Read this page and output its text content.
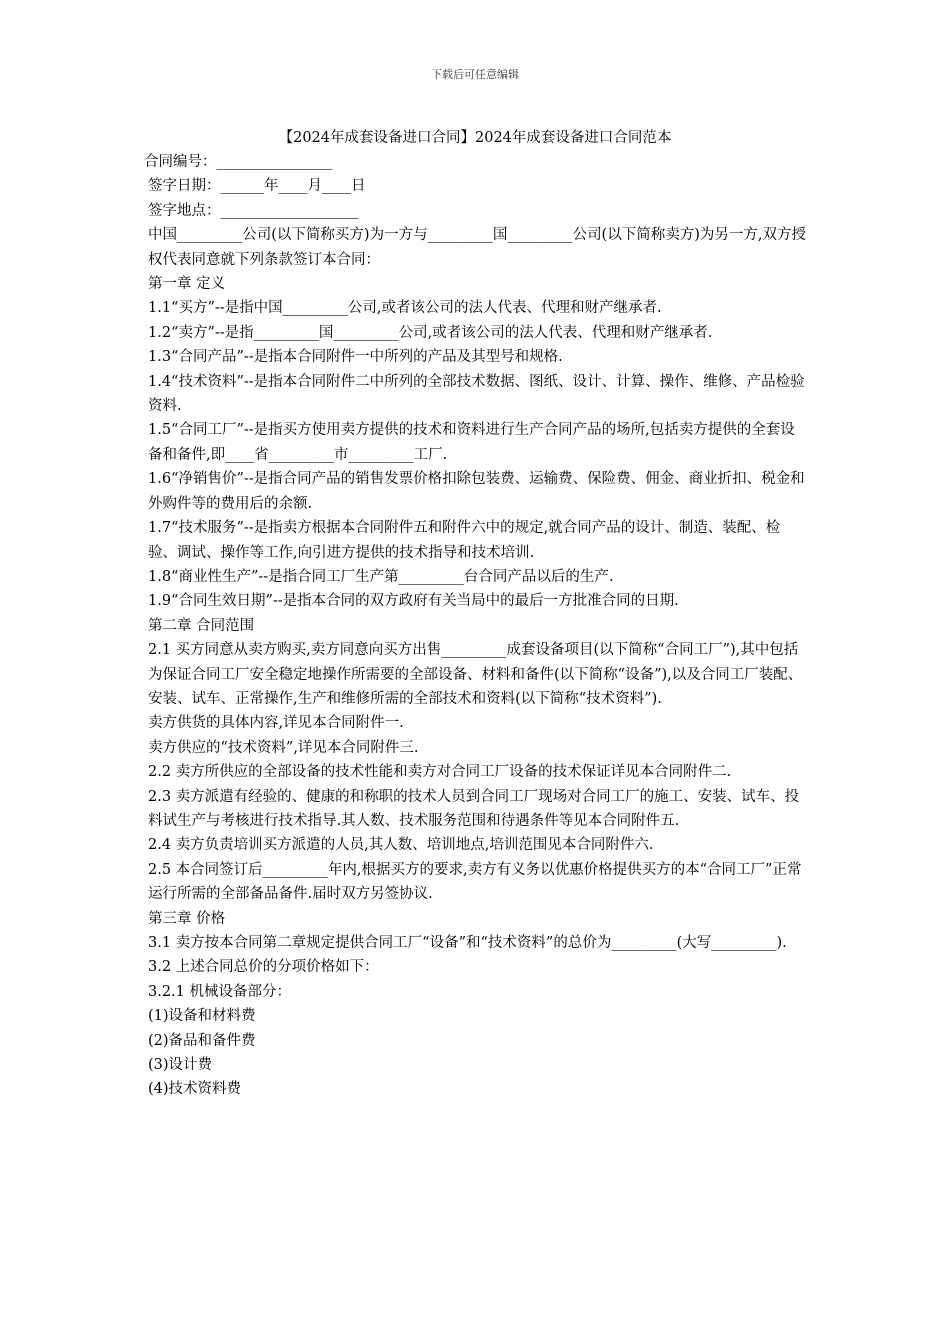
下载后可任意编辑
【2024年成套设备进口合同】2024年成套设备进口合同范本

合同编号：________________

签字日期：______年____月____日

签字地点：___________________

中国_________公司(以下简称买方)为一方与_________国_________公司(以下简称卖方)为另一方,双方授权代表同意就下列条款签订本合同：

第一章 定义

1.1“买方”--是指中国_________公司,或者该公司的法人代表、代理和财产继承者.

1.2“卖方”--是指_________国_________公司,或者该公司的法人代表、代理和财产继承者.

1.3“合同产品”--是指本合同附件一中所列的产品及其型号和规格.

1.4“技术资料”--是指本合同附件二中所列的全部技术数据、图纸、设计、计算、操作、维修、产品检验资料.

1.5“合同工厂”--是指买方使用卖方提供的技术和资料进行生产合同产品的场所,包括卖方提供的全套设备和备件,即____省_________市_________工厂.

1.6“净销售价”--是指合同产品的销售发票价格扣除包装费、运输费、保险费、佣金、商业折扣、税金和外购件等的费用后的余额.

1.7“技术服务”--是指卖方根据本合同附件五和附件六中的规定,就合同产品的设计、制造、装配、检验、调试、操作等工作,向引进方提供的技术指导和技术培训.

1.8“商业性生产”--是指合同工厂生产第_________台合同产品以后的生产.

1.9“合同生效日期”--是指本合同的双方政府有关当局中的最后一方批准合同的日期.

第二章 合同范围

2.1 买方同意从卖方购买,卖方同意向买方出售_________成套设备项目(以下简称“合同工厂”),其中包括为保证合同工厂安全稳定地操作所需要的全部设备、材料和备件(以下简称“设备”),以及合同工厂装配、安装、试车、正常操作,生产和维修所需的全部技术和资料(以下简称“技术资料”).

卖方供货的具体内容,详见本合同附件一.

卖方供应的“技术资料”,详见本合同附件三.

2.2 卖方所供应的全部设备的技术性能和卖方对合同工厂设备的技术保证详见本合同附件二.

2.3 卖方派遣有经验的、健康的和称职的技术人员到合同工厂现场对合同工厂的施工、安装、试车、投料试生产与考核进行技术指导.其人数、技术服务范围和待遇条件等见本合同附件五.

2.4 卖方负责培训买方派遣的人员,其人数、培训地点,培训范围见本合同附件六.

2.5 本合同签订后_________年内,根据买方的要求,卖方有义务以优惠价格提供买方的本“合同工厂”正常运行所需的全部备品备件.届时双方另签协议.

第三章 价格

3.1 卖方按本合同第二章规定提供合同工厂“设备”和“技术资料”的总价为_________(大写_________).

3.2 上述合同总价的分项价格如下：

3.2.1 机械设备部分：

(1)设备和材料费

(2)备品和备件费

(3)设计费

(4)技术资料费
